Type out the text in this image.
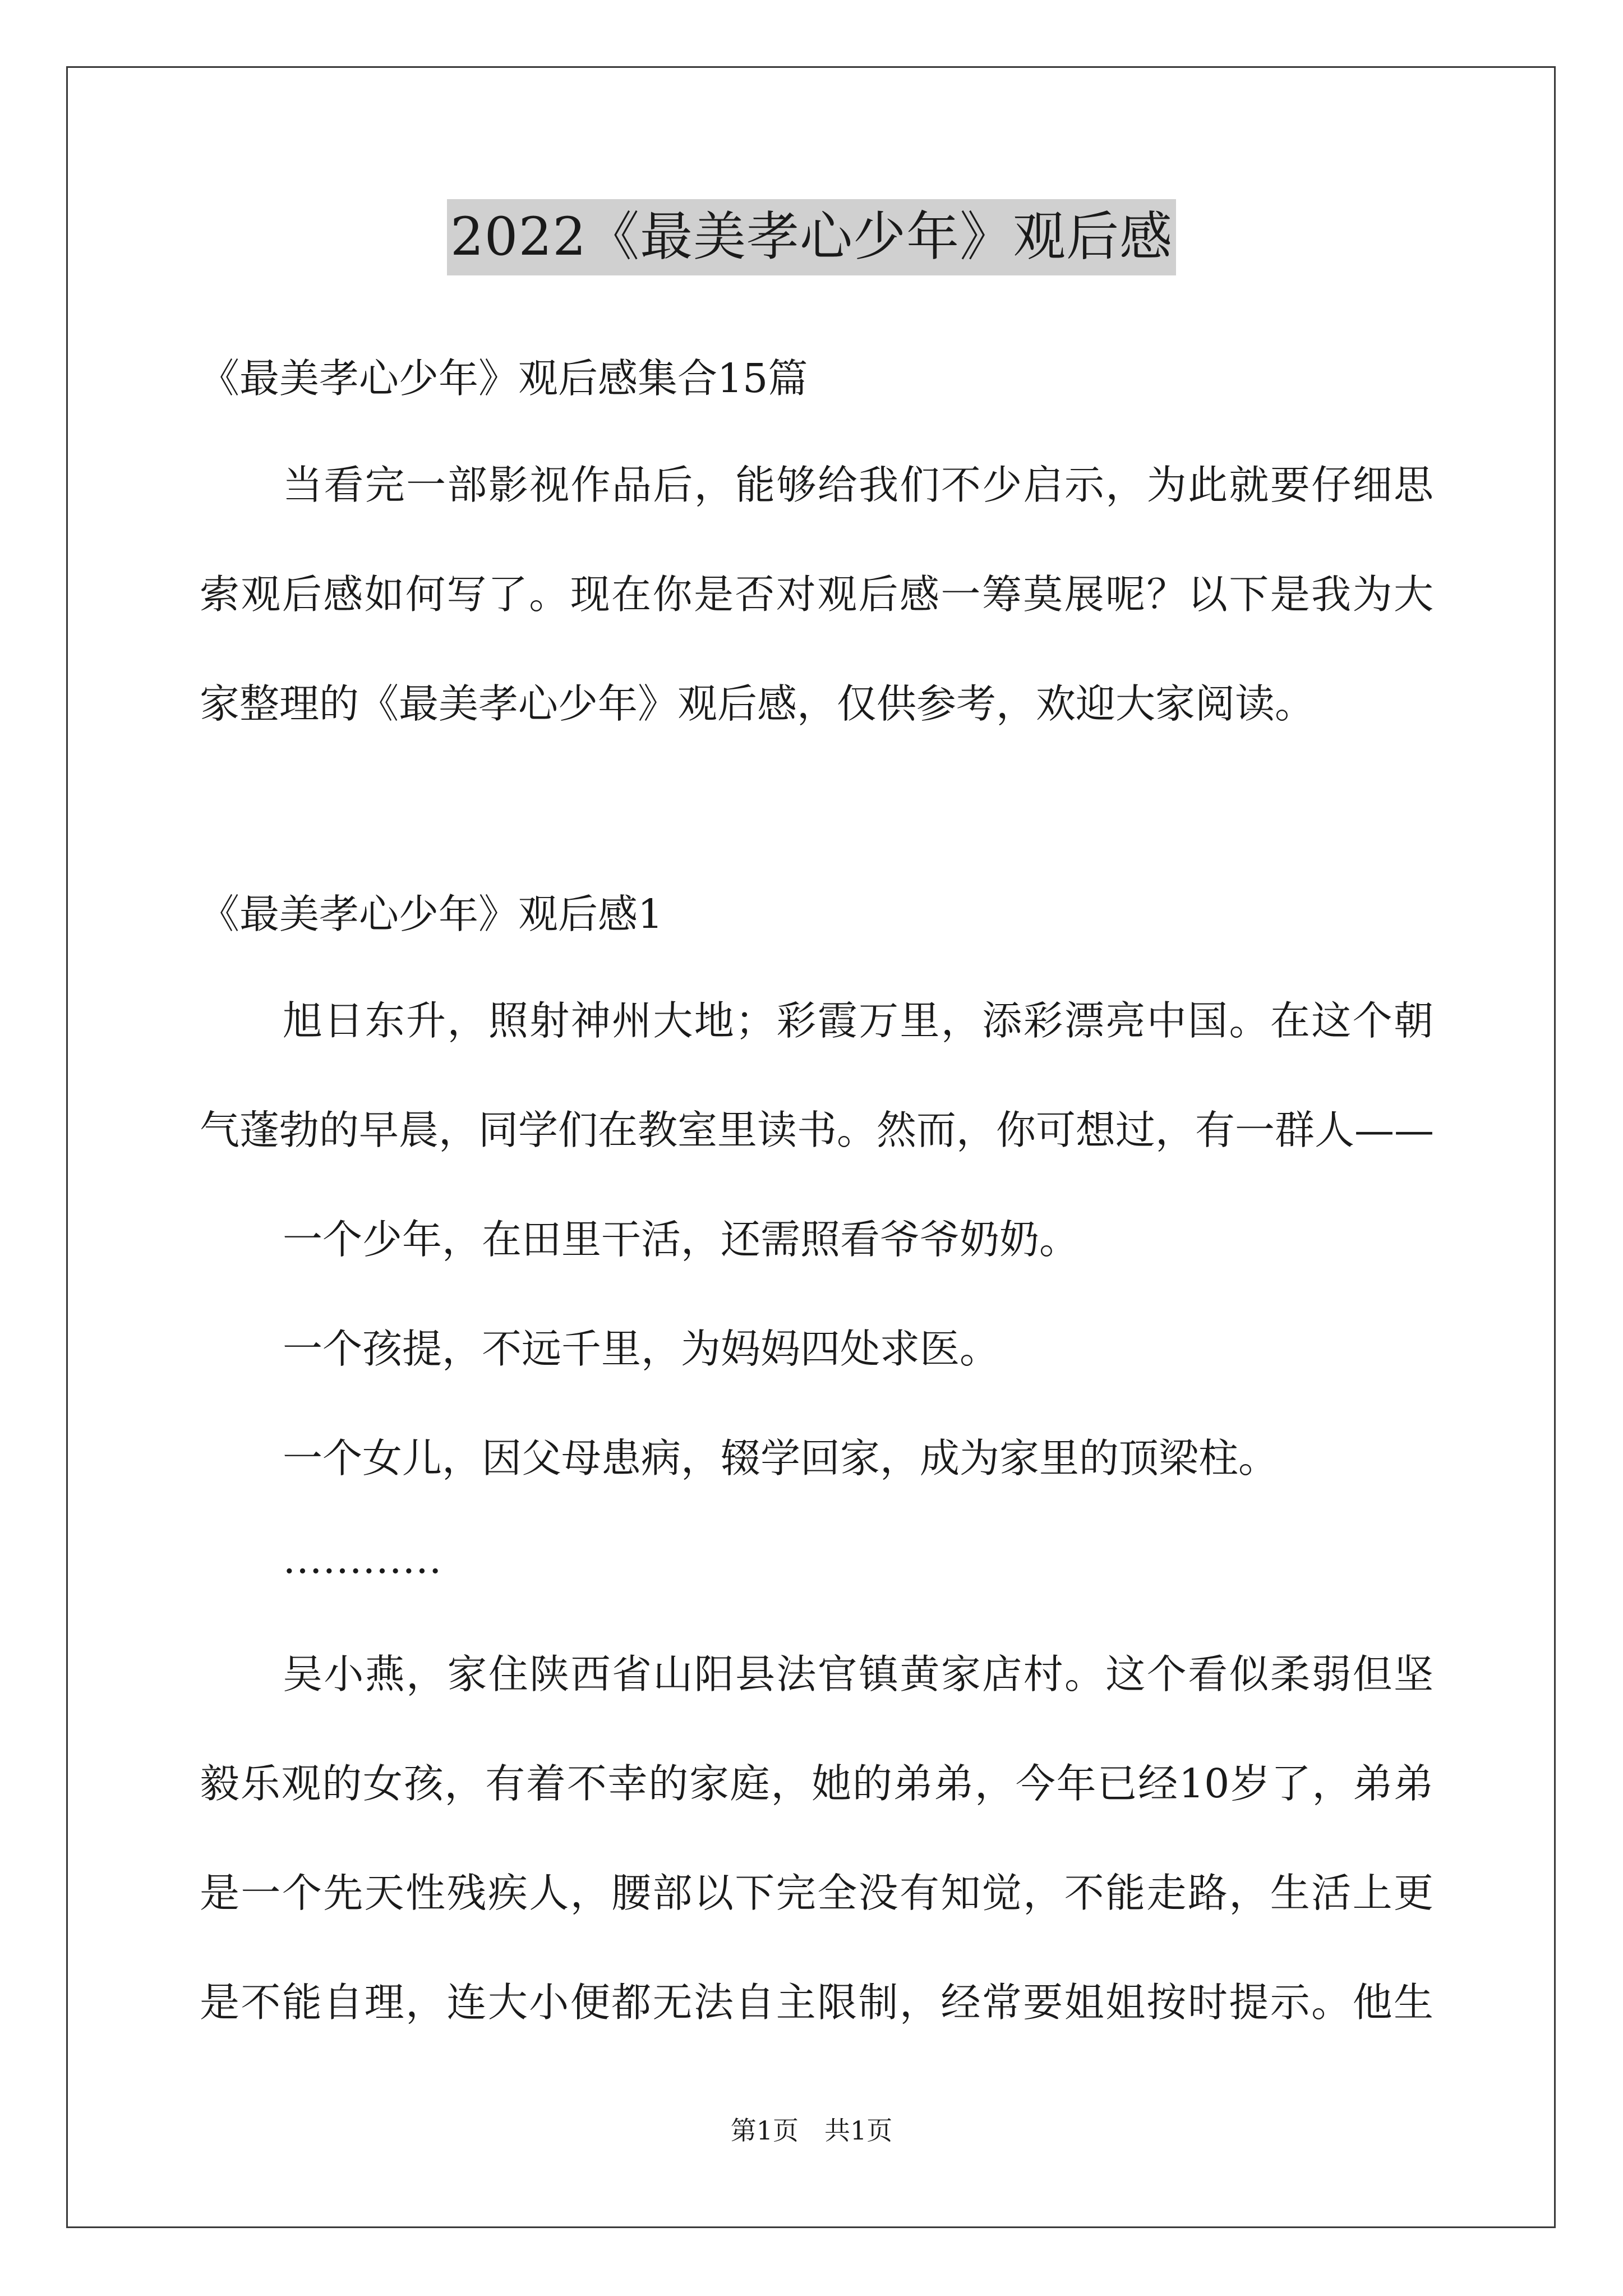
2022《最美孝心少年》观后感
《最美孝心少年》观后感集合15篇
当看完一部影视作品后，能够给我们不少启示，为此就要仔细思
索观后感如何写了。现在你是否对观后感一筹莫展呢？以下是我为大
家整理的《最美孝心少年》观后感，仅供参考，欢迎大家阅读。
《最美孝心少年》观后感1
旭日东升，照射神州大地；彩霞万里，添彩漂亮中国。在这个朝
气蓬勃的早晨，同学们在教室里读书。然而，你可想过，有一群人——
一个少年，在田里干活，还需照看爷爷奶奶。
一个孩提，不远千里，为妈妈四处求医。
一个女儿，因父母患病，辍学回家，成为家里的顶梁柱。
…………
吴小燕，家住陕西省山阳县法官镇黄家店村。这个看似柔弱但坚
毅乐观的女孩，有着不幸的家庭，她的弟弟，今年已经10岁了，弟弟
是一个先天性残疾人，腰部以下完全没有知觉，不能走路，生活上更
是不能自理，连大小便都无法自主限制，经常要姐姐按时提示。他生
第1页　共1页
